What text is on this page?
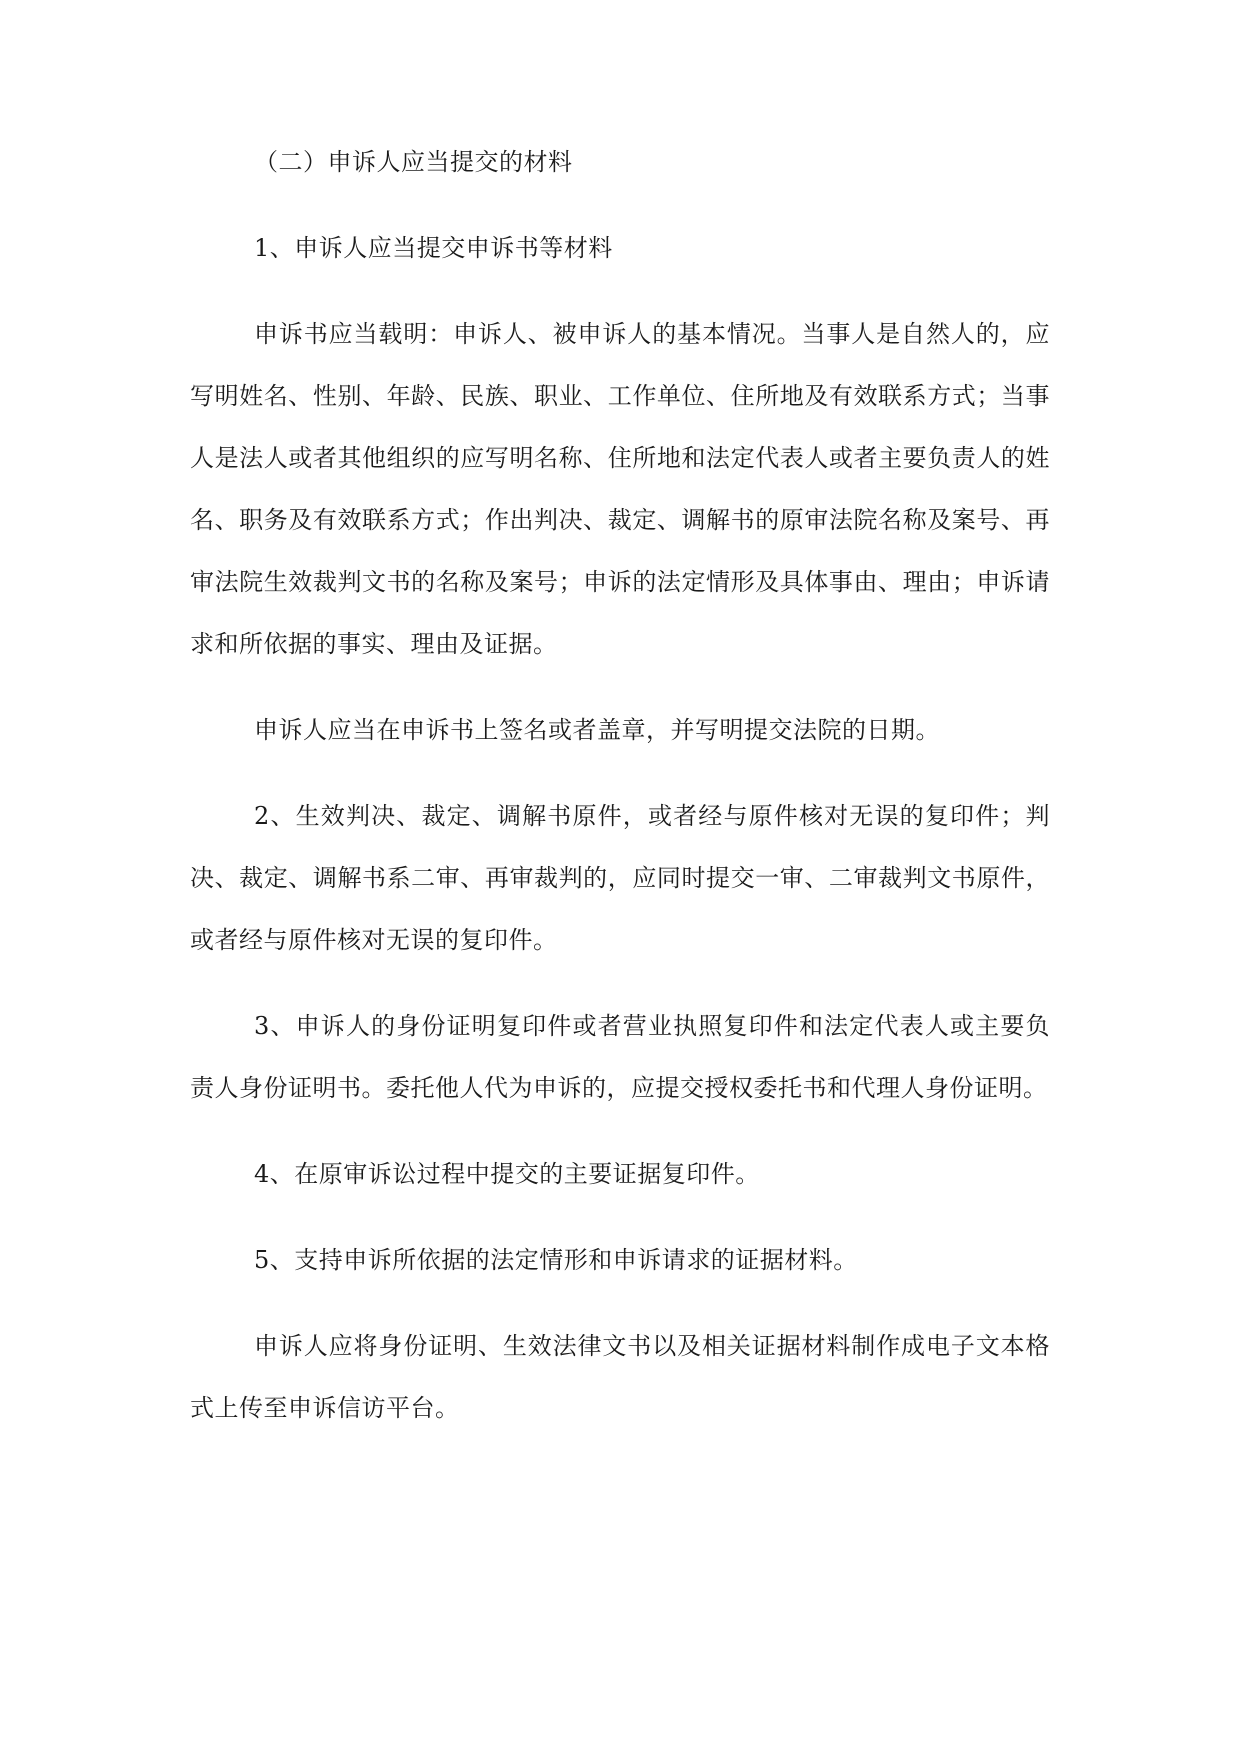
（二）申诉人应当提交的材料

1、申诉人应当提交申诉书等材料

申诉书应当载明：申诉人、被申诉人的基本情况。当事人是自然人的，应写明姓名、性别、年龄、民族、职业、工作单位、住所地及有效联系方式；当事人是法人或者其他组织的应写明名称、住所地和法定代表人或者主要负责人的姓名、职务及有效联系方式；作出判决、裁定、调解书的原审法院名称及案号、再审法院生效裁判文书的名称及案号；申诉的法定情形及具体事由、理由；申诉请求和所依据的事实、理由及证据。

申诉人应当在申诉书上签名或者盖章，并写明提交法院的日期。

2、生效判决、裁定、调解书原件，或者经与原件核对无误的复印件；判决、裁定、调解书系二审、再审裁判的，应同时提交一审、二审裁判文书原件，或者经与原件核对无误的复印件。

3、申诉人的身份证明复印件或者营业执照复印件和法定代表人或主要负责人身份证明书。委托他人代为申诉的，应提交授权委托书和代理人身份证明。

4、在原审诉讼过程中提交的主要证据复印件。

5、支持申诉所依据的法定情形和申诉请求的证据材料。

申诉人应将身份证明、生效法律文书以及相关证据材料制作成电子文本格式上传至申诉信访平台。
